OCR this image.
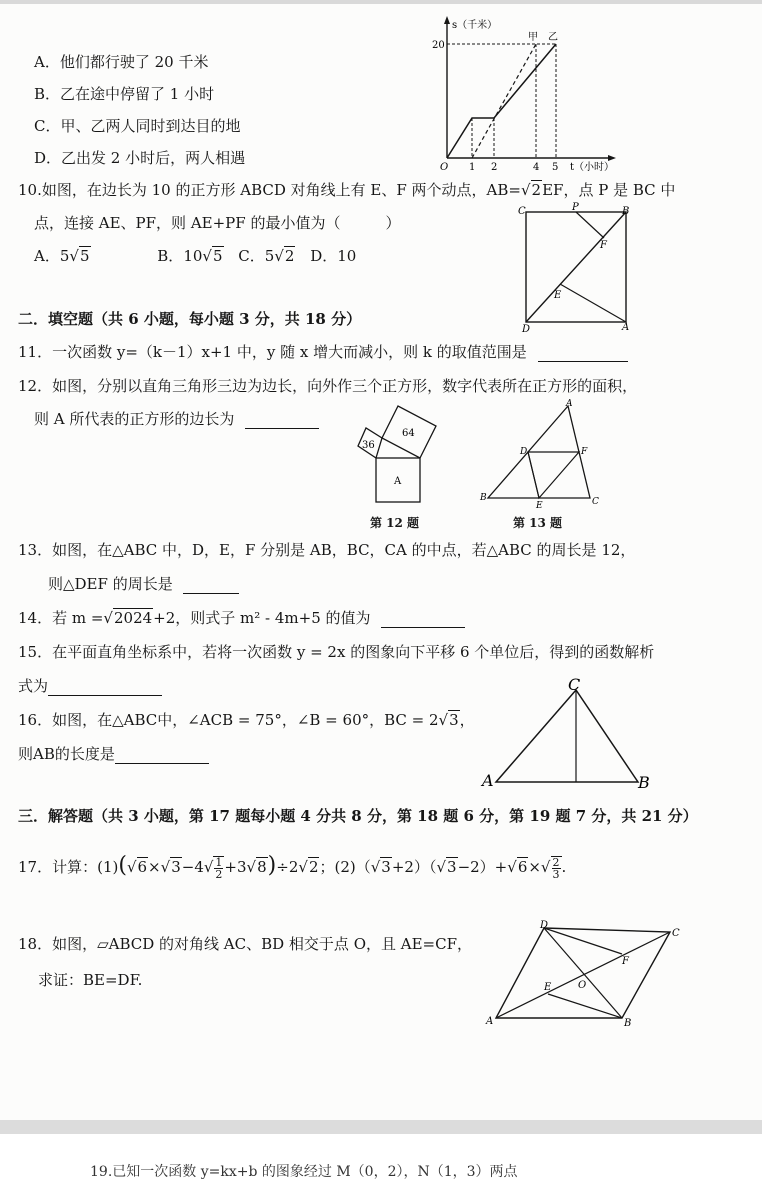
A．他们都行驶了 20 千米
B．乙在途中停留了 1 小时
C．甲、乙两人同时到达目的地
D．乙出发 2 小时后，两人相遇
s（千米）
20
O 1 2	4 5 t（小时）
甲 乙
10.如图，在边长为 10 的正方形 ABCD 对角线上有 E、F 两个动点，AB=√2EF，点 P 是 BC 中
点，连接 AE、PF，则 AE+PF 的最小值为（　　　）
A．5√5	B．10√5 C．5√2 D．10
C	P	B
F
E
D	A
二．填空题（共 6 小题，每小题 3 分，共 18 分）
11．一次函数 y=（k－1）x+1 中，y 随 x 增大而减小，则 k 的取值范围是
12．如图，分别以直角三角形三边为边长，向外作三个正方形，数字代表所在正方形的面积，
则 A 所代表的正方形的边长为
36
64
A
第 12 题
A
D	F
B
E	C
第 13 题
13．如图，在△ABC 中，D，E，F 分别是 AB，BC，CA 的中点，若△ABC 的周长是 12，
则△DEF 的周长是
14．若 m =√2024+2，则式子 m² - 4m+5 的值为
15．在平面直角坐标系中，若将一次函数 y = 2x 的图象向下平移 6 个单位后，得到的函数解析
式为
16．如图，在△ABC中，∠ACB = 75°，∠B = 60°，BC = 2√3，
则AB的长度是
C
A	B
三．解答题（共 3 小题，第 17 题每小题 4 分共 8 分，第 18 题 6 分，第 19 题 7 分，共 21 分）
17．计算：$(1)(√6\times√3-4√ \frac{1}{2} +3√8)\div 2√2$；$(2)(√3+2)(√3-2)+√6\times√ \frac{2}{3}$ .
18．如图，▱ABCD 的对角线 AC、BD 相交于点 O，且 AE=CF，
求证：BE=DF.
D
C
F
E	O
A	B
19.已知一次函数 y=kx+b 的图象经过 M（0，2），N（1，3）两点
